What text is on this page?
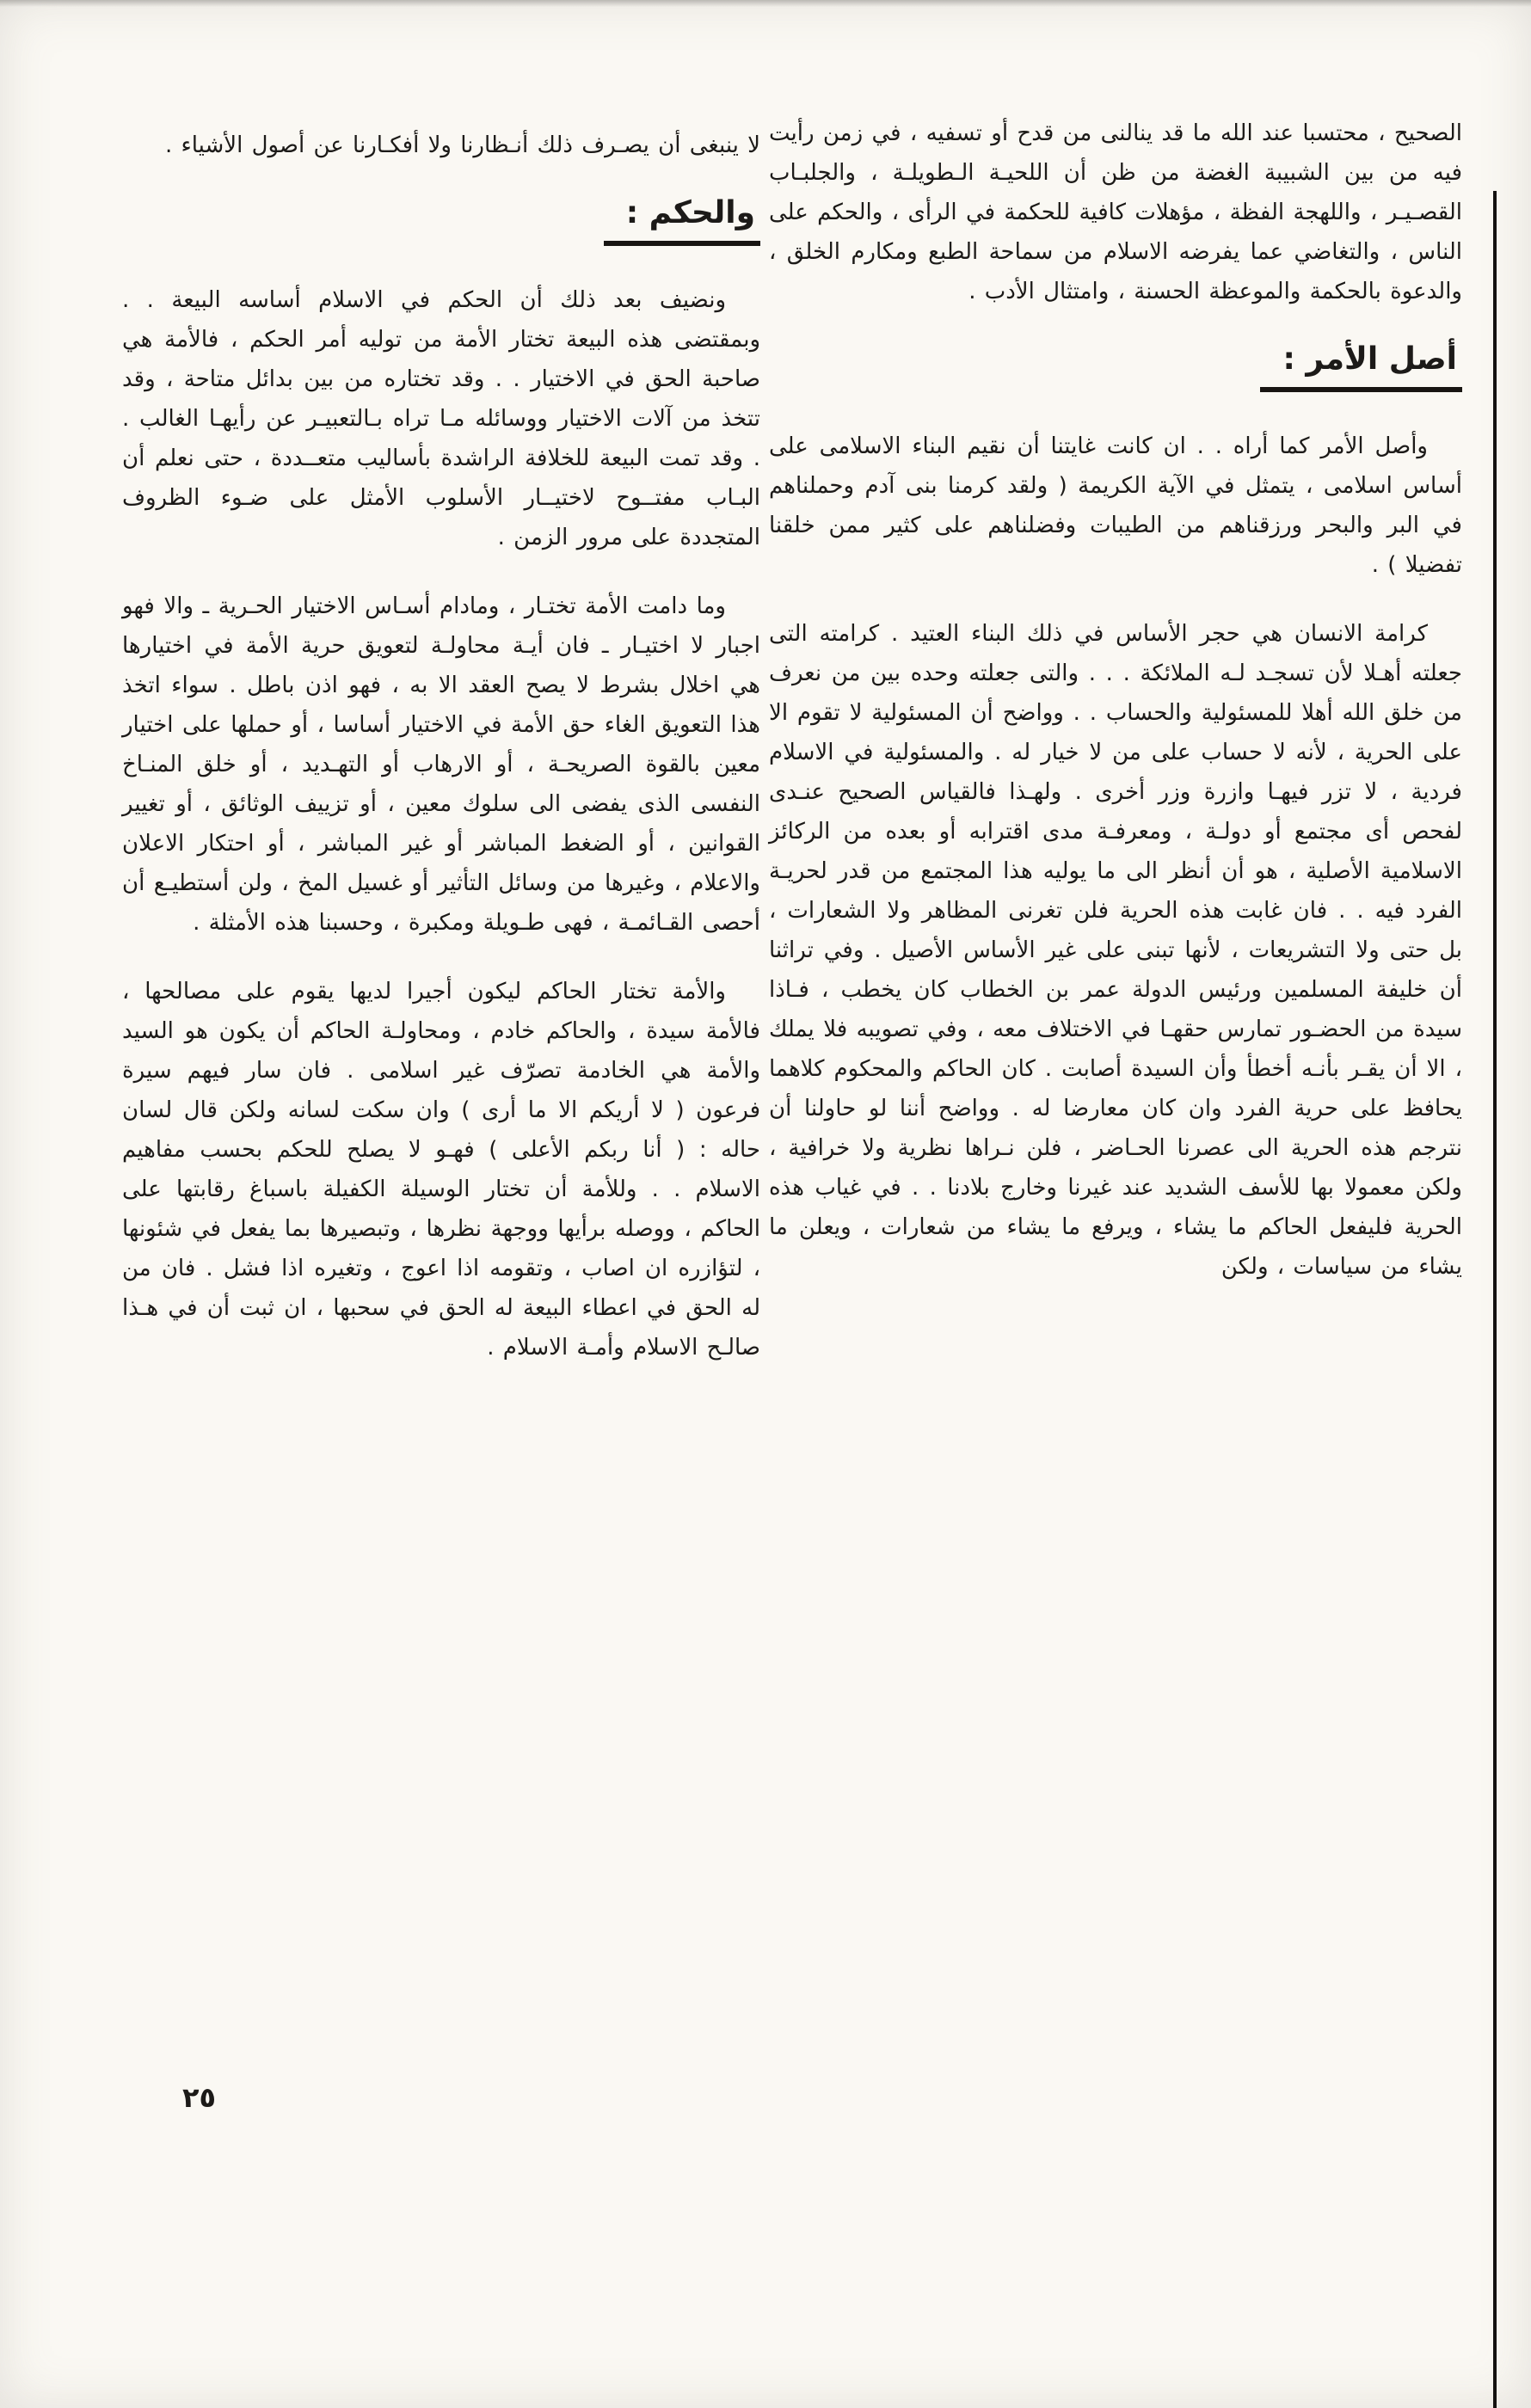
الصحيح ، محتسبا عند الله ما قد ينالنى من قدح أو تسفيه ، في زمن رأيت فيه من بين الشبيبة الغضة من ظن أن اللحيـة الـطويلـة ، والجلبـاب القصـيـر ، واللهجة الفظة ، مؤهلات كافية للحكمة في الرأى ، والحكم على الناس ، والتغاضي عما يفرضه الاسلام من سماحة الطبع ومكارم الخلق ، والدعوة بالحكمة والموعظة الحسنة ، وامتثال الأدب .

أصل الأمر :

وأصل الأمر كما أراه . . ان كانت غايتنا أن نقيم البناء الاسلامى على أساس اسلامى ، يتمثل في الآية الكريمة ( ولقد كرمنا بنى آدم وحملناهم في البر والبحر ورزقناهم من الطيبات وفضلناهم على كثير ممن خلقنا تفضيلا ) .

كرامة الانسان هي حجر الأساس في ذلك البناء العتيد . كرامته التى جعلته أهـلا لأن تسجـد لـه الملائكة . . . والتى جعلته وحده بين من نعرف من خلق الله أهلا للمسئولية والحساب . . وواضح أن المسئولية لا تقوم الا على الحرية ، لأنه لا حساب على من لا خيار له . والمسئولية في الاسلام فردية ، لا تزر فيهـا وازرة وزر أخرى . ولهـذا فالقياس الصحيح عنـدى لفحص أى مجتمع أو دولـة ، ومعرفـة مدى اقترابه أو بعده من الركائز الاسلامية الأصلية ، هو أن أنظر الى ما يوليه هذا المجتمع من قدر لحريـة الفرد فيه . . فان غابت هذه الحرية فلن تغرنى المظاهر ولا الشعارات ، بل حتى ولا التشريعات ، لأنها تبنى على غير الأساس الأصيل . وفي تراثنا أن خليفة المسلمين ورئيس الدولة عمر بن الخطاب كان يخطب ، فـاذا سيدة من الحضـور تمارس حقهـا في الاختلاف معه ، وفي تصويبه فلا يملك ، الا أن يقـر بأنـه أخطأ وأن السيدة أصابت . كان الحاكم والمحكوم كلاهما يحافظ على حرية الفرد وان كان معارضا له . وواضح أننا لو حاولنا أن نترجم هذه الحرية الى عصرنا الحـاضر ، فلن نـراها نظرية ولا خرافية ، ولكن معمولا بها للأسف الشديد عند غيرنا وخارج بلادنا . . في غياب هذه الحرية فليفعل الحاكم ما يشاء ، ويرفع ما يشاء من شعارات ، ويعلن ما يشاء من سياسات ، ولكن

لا ينبغى أن يصـرف ذلك أنـظارنا ولا أفكـارنا عن أصول الأشياء .

والحكم :

ونضيف بعد ذلك أن الحكم في الاسلام أساسه البيعة . . وبمقتضى هذه البيعة تختار الأمة من توليه أمر الحكم ، فالأمة هي صاحبة الحق في الاختيار . . وقد تختاره من بين بدائل متاحة ، وقد تتخذ من آلات الاختيار ووسائله مـا تراه بـالتعبيـر عن رأيهـا الغالب . . وقد تمت البيعة للخلافة الراشدة بأساليب متعــددة ، حتى نعلم أن البـاب مفتــوح لاختيــار الأسلوب الأمثل على ضـوء الظروف المتجددة على مرور الزمن .

وما دامت الأمة تختـار ، ومادام أسـاس الاختيار الحـرية ـ والا فهو اجبار لا اختيـار ـ فان أيـة محاولـة لتعويق حرية الأمة في اختيارها هي اخلال بشرط لا يصح العقد الا به ، فهو اذن باطل . سواء اتخذ هذا التعويق الغاء حق الأمة في الاختيار أساسا ، أو حملها على اختيار معين بالقوة الصريحـة ، أو الارهاب أو التهـديد ، أو خلق المنـاخ النفسى الذى يفضى الى سلوك معين ، أو تزييف الوثائق ، أو تغيير القوانين ، أو الضغط المباشر أو غير المباشر ، أو احتكار الاعلان والاعلام ، وغيرها من وسائل التأثير أو غسيل المخ ، ولن أستطيـع أن أحصى القـائمـة ، فهى طـويلة ومكبرة ، وحسبنا هذه الأمثلة .

والأمة تختار الحاكم ليكون أجيرا لديها يقوم على مصالحها ، فالأمة سيدة ، والحاكم خادم ، ومحاولـة الحاكم أن يكون هو السيد والأمة هي الخادمة تصرّف غير اسلامى . فان سار فيهم سيرة فرعون ( لا أريكم الا ما أرى ) وان سكت لسانه ولكن قال لسان حاله : ( أنا ربكم الأعلى ) فهـو لا يصلح للحكم بحسب مفاهيم الاسلام . . وللأمة أن تختار الوسيلة الكفيلة باسباغ رقابتها على الحاكم ، ووصله برأيها ووجهة نظرها ، وتبصيرها بما يفعل في شئونها ، لتؤازره ان اصاب ، وتقومه اذا اعوج ، وتغيره اذا فشل . فان من له الحق في اعطاء البيعة له الحق في سحبها ، ان ثبت أن في هـذا صالـح الاسلام وأمـة الاسلام .

٢٥
